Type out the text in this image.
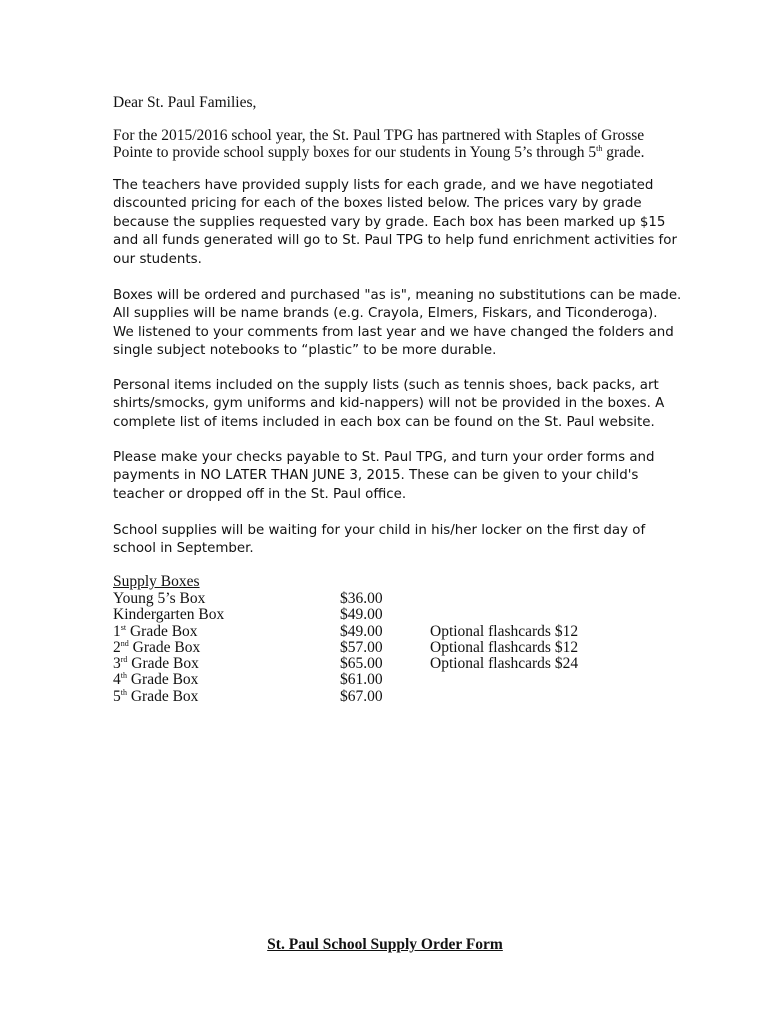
Dear St. Paul Families,

For the 2015/2016 school year, the St. Paul TPG has partnered with Staples of Grosse
Pointe to provide school supply boxes for our students in Young 5’s through 5th grade.

The teachers have provided supply lists for each grade, and we have negotiated
discounted pricing for each of the boxes listed below. The prices vary by grade
because the supplies requested vary by grade. Each box has been marked up $15
and all funds generated will go to St. Paul TPG to help fund enrichment activities for
our students.

Boxes will be ordered and purchased "as is", meaning no substitutions can be made.
All supplies will be name brands (e.g. Crayola, Elmers, Fiskars, and Ticonderoga).
We listened to your comments from last year and we have changed the folders and
single subject notebooks to “plastic” to be more durable.

Personal items included on the supply lists (such as tennis shoes, back packs, art
shirts/smocks, gym uniforms and kid-nappers) will not be provided in the boxes. A
complete list of items included in each box can be found on the St. Paul website.

Please make your checks payable to St. Paul TPG, and turn your order forms and
payments in NO LATER THAN JUNE 3, 2015. These can be given to your child's
teacher or dropped off in the St. Paul office.

School supplies will be waiting for your child in his/her locker on the first day of
school in September.

Supply Boxes
Young 5’s Box	$36.00
Kindergarten Box	$49.00
1st Grade Box	$49.00	Optional flashcards $12
2nd Grade Box	$57.00	Optional flashcards $12
3rd Grade Box	$65.00	Optional flashcards $24
4th Grade Box	$61.00
5th Grade Box	$67.00
St. Paul School Supply Order Form
